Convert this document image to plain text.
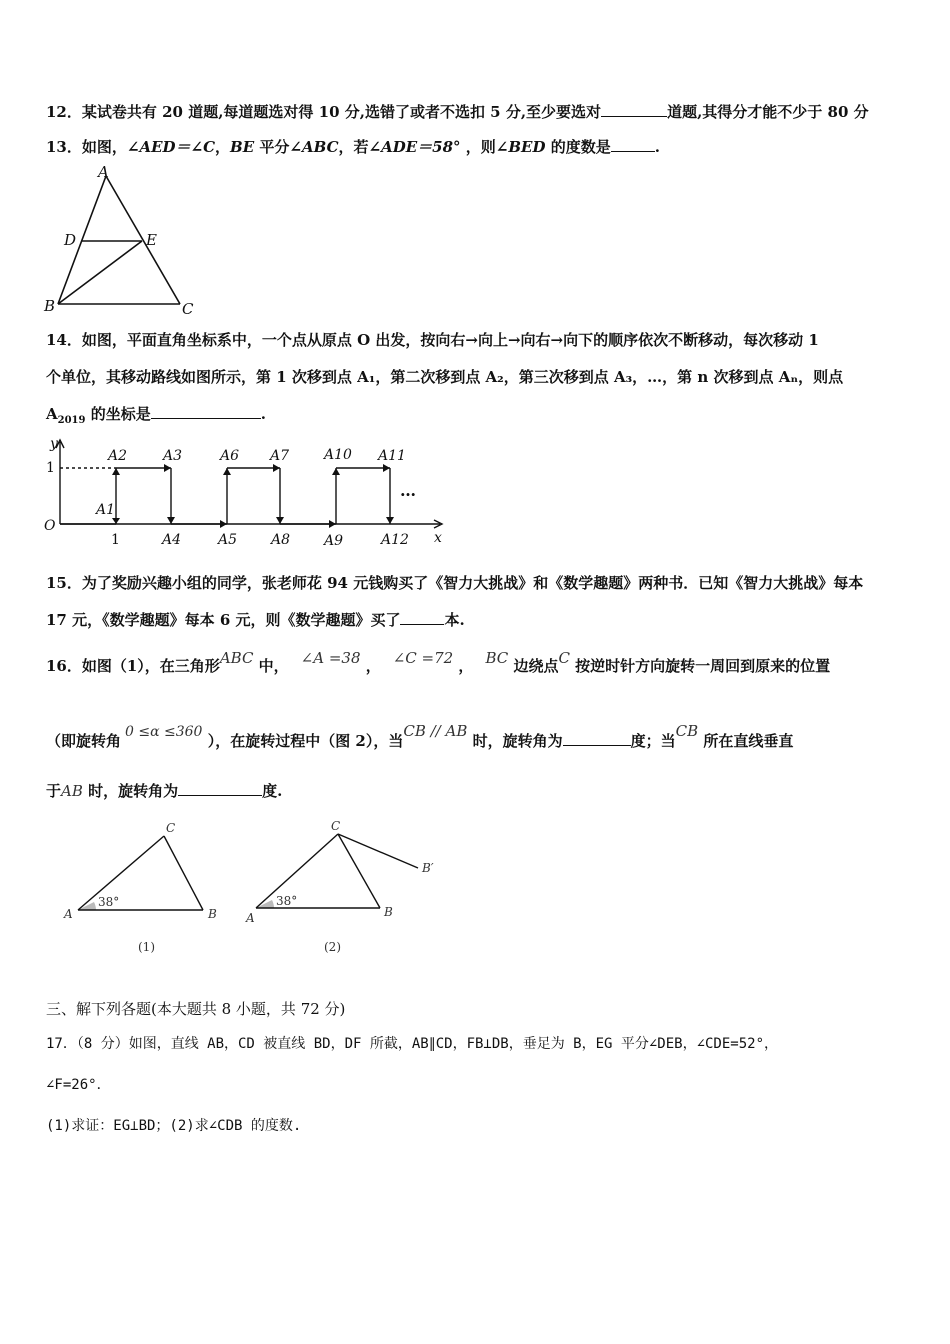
12．某试卷共有 20 道题,每道题选对得 10 分,选错了或者不选扣 5 分,至少要选对	道题,其得分才能不少于 80 分
13．如图，∠AED＝∠C，BE 平分∠ABC，若∠ADE＝58° ，则∠BED 的度数是	.
A
D	E
B	C
14．如图，平面直角坐标系中，一个点从原点 O 出发，按向右→向上→向右→向下的顺序依次不断移动，每次移动 1
个单位，其移动路线如图所示，第 1 次移到点 A₁，第二次移到点 A₂，第三次移到点 A₃，…，第 n 次移到点 Aₙ，则点
$A_{2019}$ 的坐标是	.
y
1
O
1	x
A1
A2	A3	A6 A7 A10 A11
A4	A5 A8 A9	A12
…
15．为了奖励兴趣小组的同学，张老师花 94 元钱购买了《智力大挑战》和《数学趣题》两种书．已知《智力大挑战》每本
17 元，《数学趣题》每本 6 元，则《数学趣题》买了	本.
16．如图（1），在三角形ABC 中， ∠A =38 ， ∠C =72 ， BC 边绕点C 按逆时针方向旋转一周回到原来的位置
（即旋转角 0 ≤α ≤360 ），在旋转过程中（图 2），当CB // AB 时，旋转角为	度；当CB 所在直线垂直
于AB 时，旋转角为	度.
A	B
C
38°
(1)
A	B
C
B′
38°
(2)
三、解下列各题(本大题共 8 小题，共 72 分)
17．（8 分）如图，直线 AB，CD 被直线 BD，DF 所截，AB∥CD，FB⊥DB，垂足为 B，EG 平分∠DEB，∠CDE=52°，
∠F=26°．
(1)求证：EG⊥BD；(2)求∠CDB 的度数.
